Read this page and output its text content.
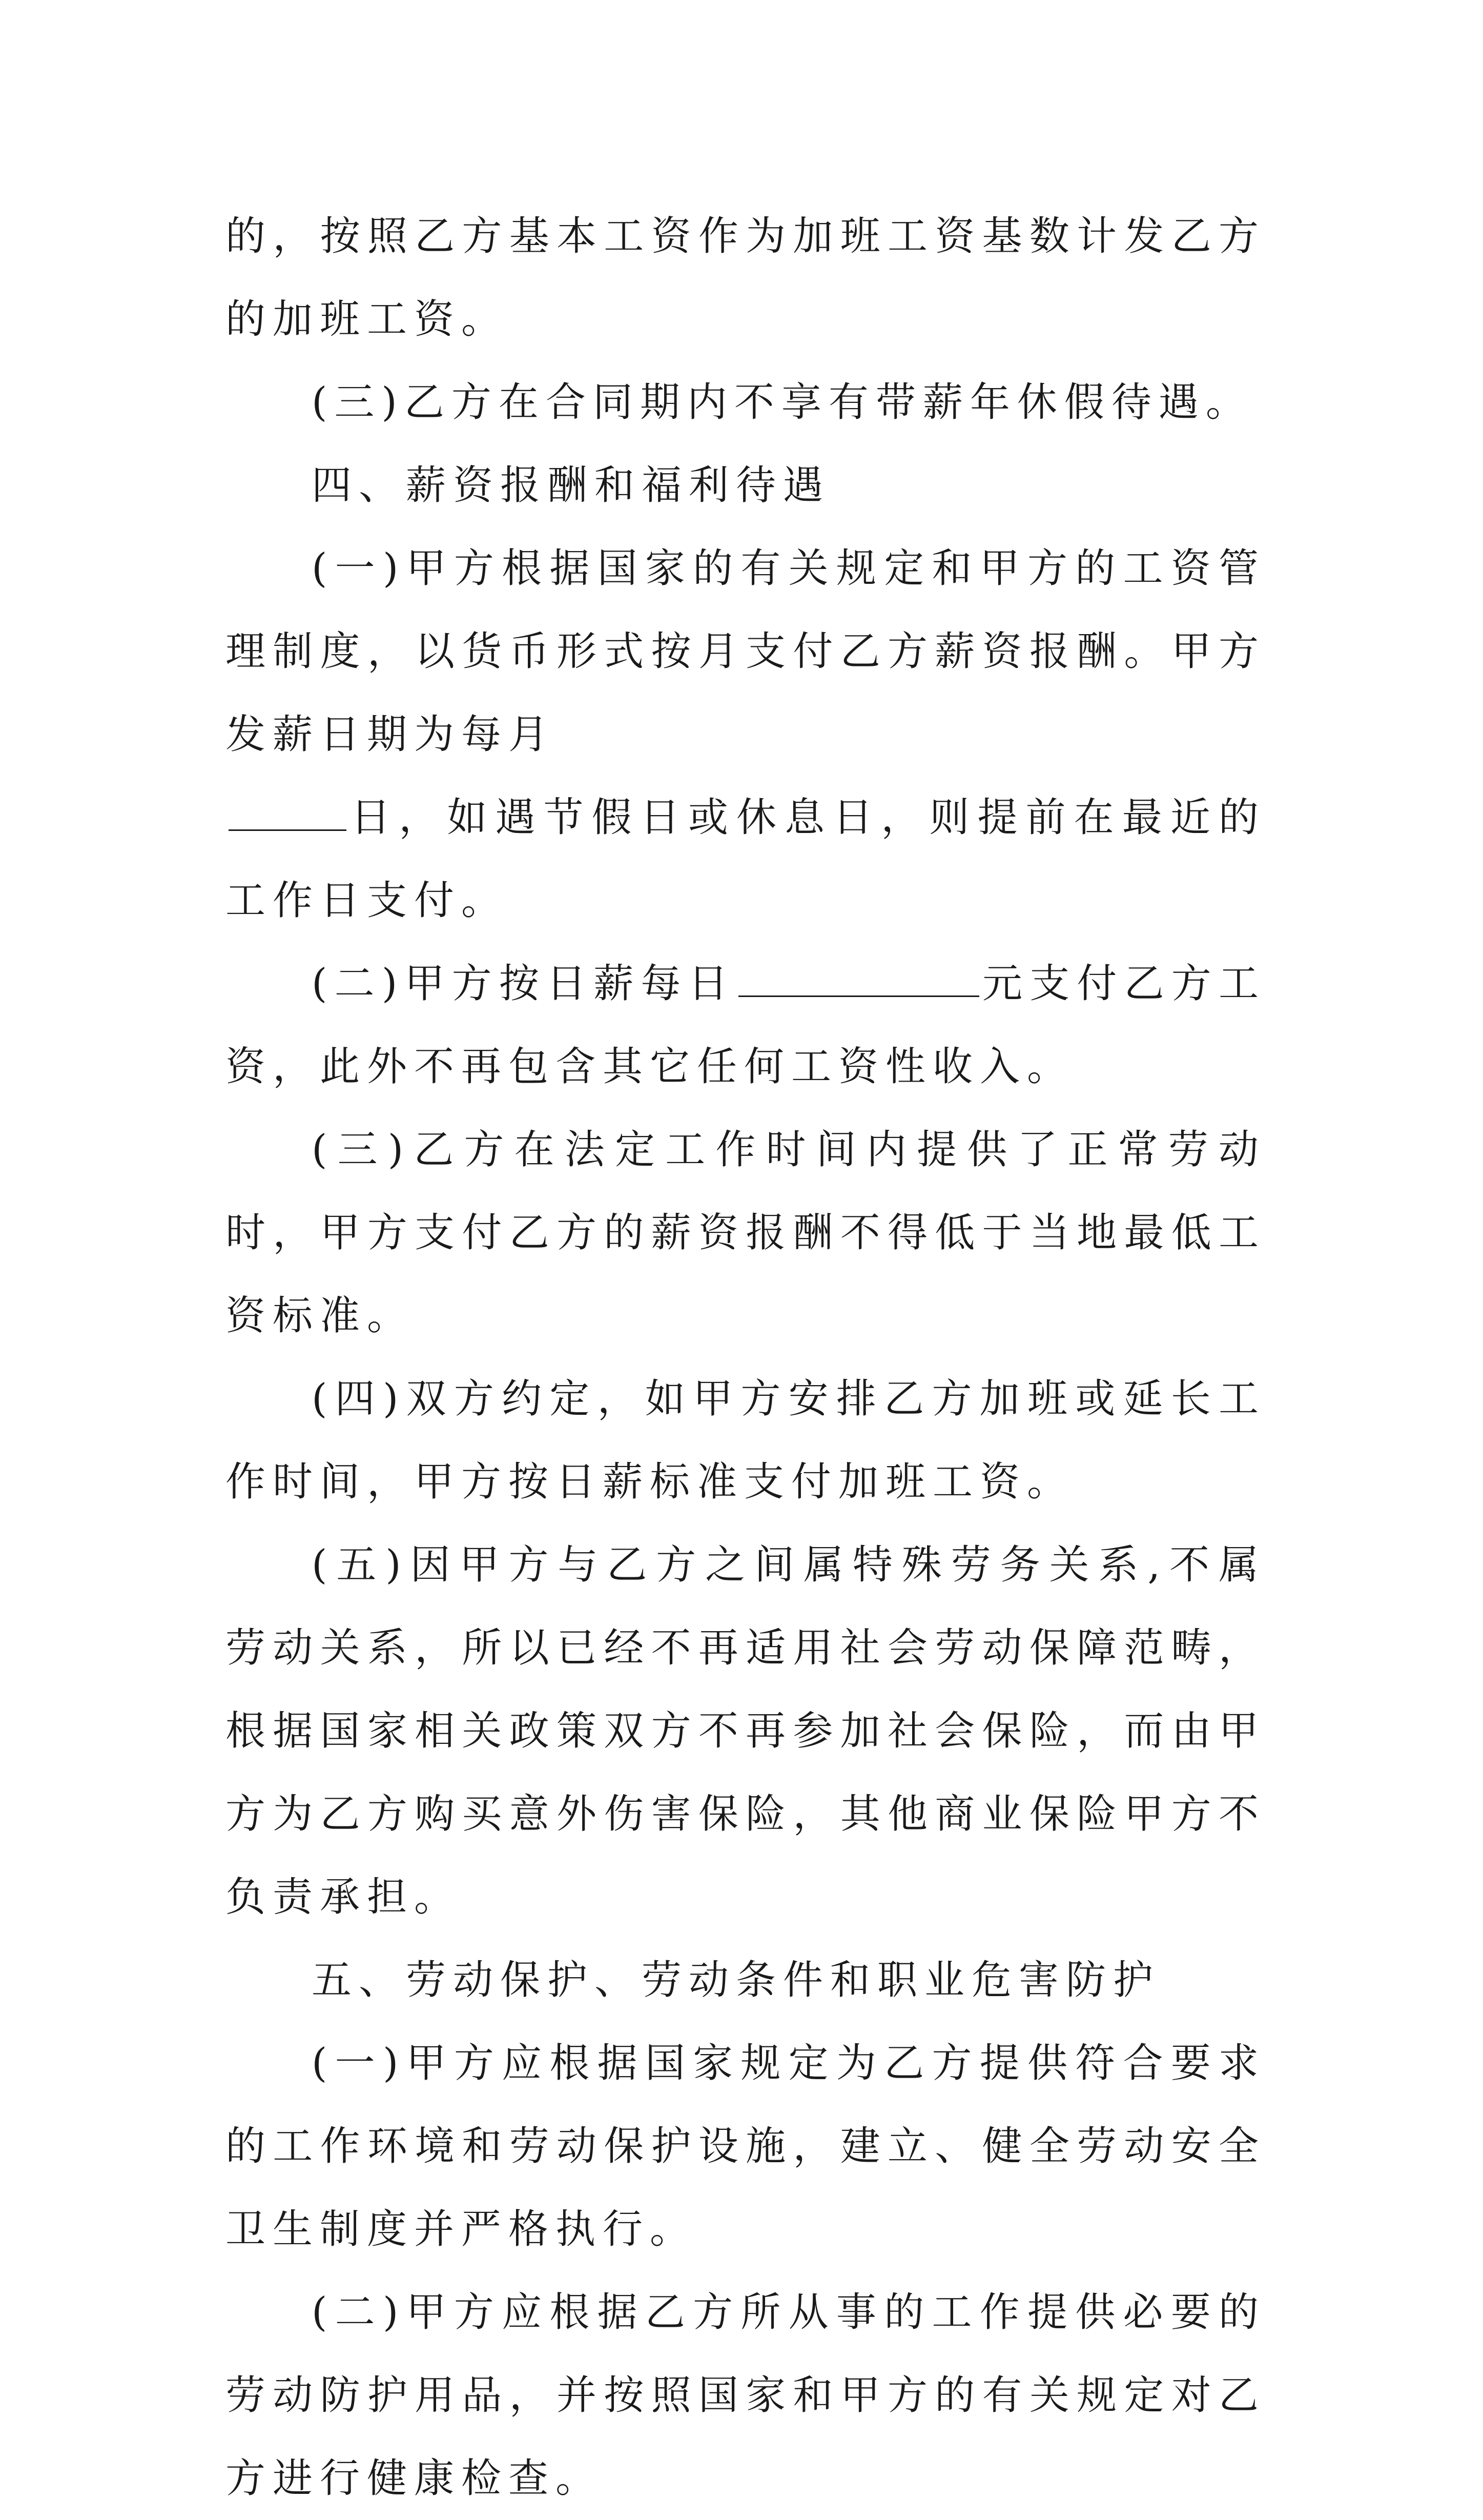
的，按照乙方基本工资作为加班工资基数计发乙方的加班工资。

(三)乙方在合同期内不享有带薪年休假待遇。

四、薪资报酬和福利待遇

(一)甲方根据国家的有关规定和甲方的工资管理制度，以货币形式按月支付乙方薪资报酬。甲方发薪日期为每月
日，如遇节假日或休息日，则提前在最近的工作日支付。

(二)甲方按日薪每日	元支付乙方工资，此外不再包含其它任何工资性收入。

(三)乙方在法定工作时间内提供了正常劳动时，甲方支付乙方的薪资报酬不得低于当地最低工资标准。

(四)双方约定，如甲方安排乙方加班或延长工作时间，甲方按日薪标准支付加班工资。

(五)因甲方与乙方之间属特殊劳务关系,不属劳动关系，所以已经不再适用社会劳动保障范畴，根据国家相关政策双方不再参加社会保险，而由甲方为乙方购买意外伤害保险，其他商业保险甲方不负责承担。

五、劳动保护、劳动条件和职业危害防护

(一)甲方应根据国家规定为乙方提供符合要求的工作环境和劳动保护设施，建立、健全劳动安全卫生制度并严格执行。

(二)甲方应根据乙方所从事的工作提供必要的劳动防护用品，并按照国家和甲方的有关规定对乙方进行健康检查。
